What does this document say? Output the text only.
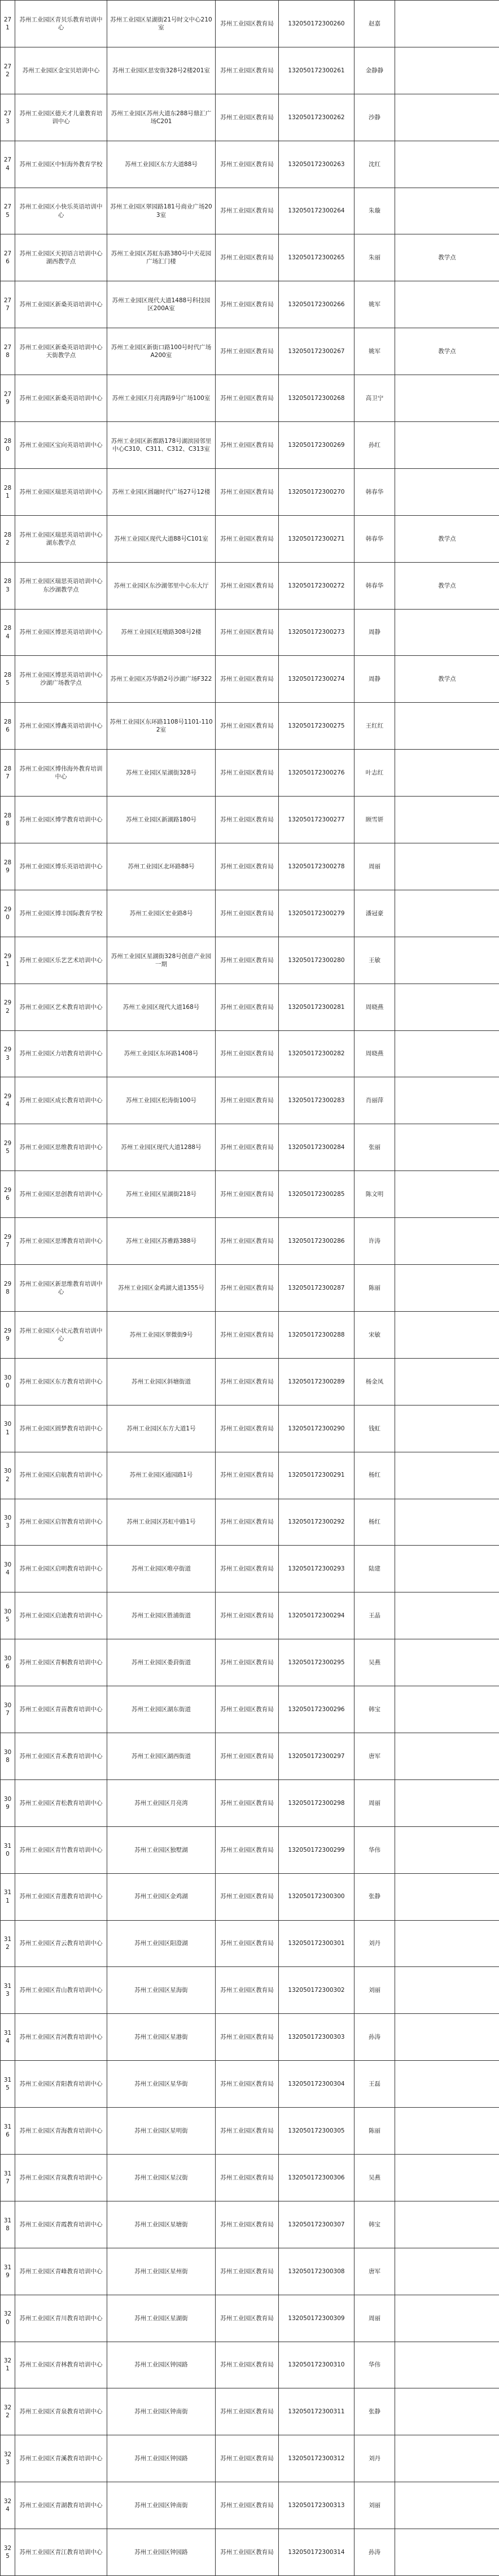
271	苏州工业园区青贝乐教育培训中心	苏州工业园区星湖街21号时文中心210室	苏州工业园区教育局	132050172300260	赵嘉	
272	苏州工业园区金宝贝培训中心	苏州工业园区思安街328号2楼201室	苏州工业园区教育局	132050172300261	金静静	
273	苏州工业园区德天才儿童教育培训中心	苏州工业园区苏州大道东288号鼎汇广场C201	苏州工业园区教育局	132050172300262	沙静	
274	苏州工业园区中恒海外教育学校	苏州工业园区东方大道88号	苏州工业园区教育局	132050172300263	沈红	
275	苏州工业园区小快乐英语培训中心	苏州工业园区翠园路181号商业广场203室	苏州工业园区教育局	132050172300264	朱璇	
276	苏州工业园区天初语言培训中心湖西教学点	苏州工业园区苏虹东路380号中天花园广场汇门楼	苏州工业园区教育局	132050172300265	朱丽	教学点
277	苏州工业园区新桑英语培训中心	苏州工业园区现代大道1488号科技园区200A室	苏州工业园区教育局	132050172300266	姚军	
278	苏州工业园区新桑英语培训中心天街教学点	苏州工业园区新街口路100号时代广场A200室	苏州工业园区教育局	132050172300267	姚军	教学点
279	苏州工业园区新桑英语培训中心	苏州工业园区月亮湾路9号广场100室	苏州工业园区教育局	132050172300268	高卫宁	
280	苏州工业园区宝向英语培训中心	苏州工业园区新都路178号湖滨园邻里中心C310、C311、C312、C313室	苏州工业园区教育局	132050172300269	孙红	
281	苏州工业园区瑞思英语培训中心	苏州工业园区圆融时代广场27号12楼	苏州工业园区教育局	132050172300270	韩春华	
282	苏州工业园区瑞思英语培训中心湖东教学点	苏州工业园区现代大道88号C101室	苏州工业园区教育局	132050172300271	韩春华	教学点
283	苏州工业园区瑞思英语培训中心东沙湖教学点	苏州工业园区东沙湖邻里中心东大厅	苏州工业园区教育局	132050172300272	韩春华	教学点
284	苏州工业园区博思英语培训中心	苏州工业园区旺墩路308号2楼	苏州工业园区教育局	132050172300273	周静	
285	苏州工业园区博思英语培训中心沙湖广场教学点	苏州工业园区苏华路2号沙湖广场F322	苏州工业园区教育局	132050172300274	周静	教学点
286	苏州工业园区博鑫英语培训中心	苏州工业园区东环路1108号1101-1102室	苏州工业园区教育局	132050172300275	王红红	
287	苏州工业园区博伟海外教育培训中心	苏州工业园区星湖街328号	苏州工业园区教育局	132050172300276	叶志红	
288	苏州工业园区博学教育培训中心	苏州工业园区新湖路180号	苏州工业园区教育局	132050172300277	顾雪妍	
289	苏州工业园区博乐英语培训中心	苏州工业园区北环路88号	苏州工业园区教育局	132050172300278	周丽	
290	苏州工业园区博丰国际教育学校	苏州工业园区宏业路8号	苏州工业园区教育局	132050172300279	潘冠豪	
291	苏州工业园区乐艺艺术培训中心	苏州工业园区星湖街328号创意产业园一期	苏州工业园区教育局	132050172300280	王敏	
292	苏州工业园区艺术教育培训中心	苏州工业园区现代大道168号	苏州工业园区教育局	132050172300281	周晓燕	
293	苏州工业园区力培教育培训中心	苏州工业园区东环路1408号	苏州工业园区教育局	132050172300282	周晓燕	
294	苏州工业园区成长教育培训中心	苏州工业园区松涛街100号	苏州工业园区教育局	132050172300283	肖丽萍	
295	苏州工业园区思维教育培训中心	苏州工业园区现代大道1288号	苏州工业园区教育局	132050172300284	张丽	
296	苏州工业园区思创教育培训中心	苏州工业园区星湖街218号	苏州工业园区教育局	132050172300285	陈文明	
297	苏州工业园区思博教育培训中心	苏州工业园区苏雅路388号	苏州工业园区教育局	132050172300286	许涛	
298	苏州工业园区新思维教育培训中心	苏州工业园区金鸡湖大道1355号	苏州工业园区教育局	132050172300287	陈丽	
299	苏州工业园区小状元教育培训中心	苏州工业园区翠微街9号	苏州工业园区教育局	132050172300288	宋敏	
300	苏州工业园区东方教育培训中心	苏州工业园区斜塘街道	苏州工业园区教育局	132050172300289	杨金凤	
301	苏州工业园区圆梦教育培训中心	苏州工业园区东方大道1号	苏州工业园区教育局	132050172300290	钱虹	
302	苏州工业园区启航教育培训中心	苏州工业园区通园路1号	苏州工业园区教育局	132050172300291	杨红	
303	苏州工业园区启智教育培训中心	苏州工业园区苏虹中路1号	苏州工业园区教育局	132050172300292	杨红	
304	苏州工业园区启明教育培训中心	苏州工业园区唯亭街道	苏州工业园区教育局	132050172300293	陆建	
305	苏州工业园区启迪教育培训中心	苏州工业园区胜浦街道	苏州工业园区教育局	132050172300294	王晶	
306	苏州工业园区青桐教育培训中心	苏州工业园区娄葑街道	苏州工业园区教育局	132050172300295	吴燕	
307	苏州工业园区青苗教育培训中心	苏州工业园区湖东街道	苏州工业园区教育局	132050172300296	韩宝	
308	苏州工业园区青禾教育培训中心	苏州工业园区湖西街道	苏州工业园区教育局	132050172300297	唐军	
309	苏州工业园区青松教育培训中心	苏州工业园区月亮湾	苏州工业园区教育局	132050172300298	周丽	
310	苏州工业园区青竹教育培训中心	苏州工业园区独墅湖	苏州工业园区教育局	132050172300299	华伟	
311	苏州工业园区青莲教育培训中心	苏州工业园区金鸡湖	苏州工业园区教育局	132050172300300	张静	
312	苏州工业园区青云教育培训中心	苏州工业园区阳澄湖	苏州工业园区教育局	132050172300301	刘丹	
313	苏州工业园区青山教育培训中心	苏州工业园区星海街	苏州工业园区教育局	132050172300302	刘丽	
314	苏州工业园区青河教育培训中心	苏州工业园区星港街	苏州工业园区教育局	132050172300303	孙涛	
315	苏州工业园区青阳教育培训中心	苏州工业园区星华街	苏州工业园区教育局	132050172300304	王磊	
316	苏州工业园区青海教育培训中心	苏州工业园区星明街	苏州工业园区教育局	132050172300305	陈丽	
317	苏州工业园区青岚教育培训中心	苏州工业园区星汉街	苏州工业园区教育局	132050172300306	吴燕	
318	苏州工业园区青霞教育培训中心	苏州工业园区星塘街	苏州工业园区教育局	132050172300307	韩宝	
319	苏州工业园区青峰教育培训中心	苏州工业园区星州街	苏州工业园区教育局	132050172300308	唐军	
320	苏州工业园区青川教育培训中心	苏州工业园区星湖街	苏州工业园区教育局	132050172300309	周丽	
321	苏州工业园区青林教育培训中心	苏州工业园区钟园路	苏州工业园区教育局	132050172300310	华伟	
322	苏州工业园区青泉教育培训中心	苏州工业园区钟南街	苏州工业园区教育局	132050172300311	张静	
323	苏州工业园区青溪教育培训中心	苏州工业园区钟园路	苏州工业园区教育局	132050172300312	刘丹	
324	苏州工业园区青湖教育培训中心	苏州工业园区钟南街	苏州工业园区教育局	132050172300313	刘丽	
325	苏州工业园区青江教育培训中心	苏州工业园区钟园路	苏州工业园区教育局	132050172300314	孙涛	
